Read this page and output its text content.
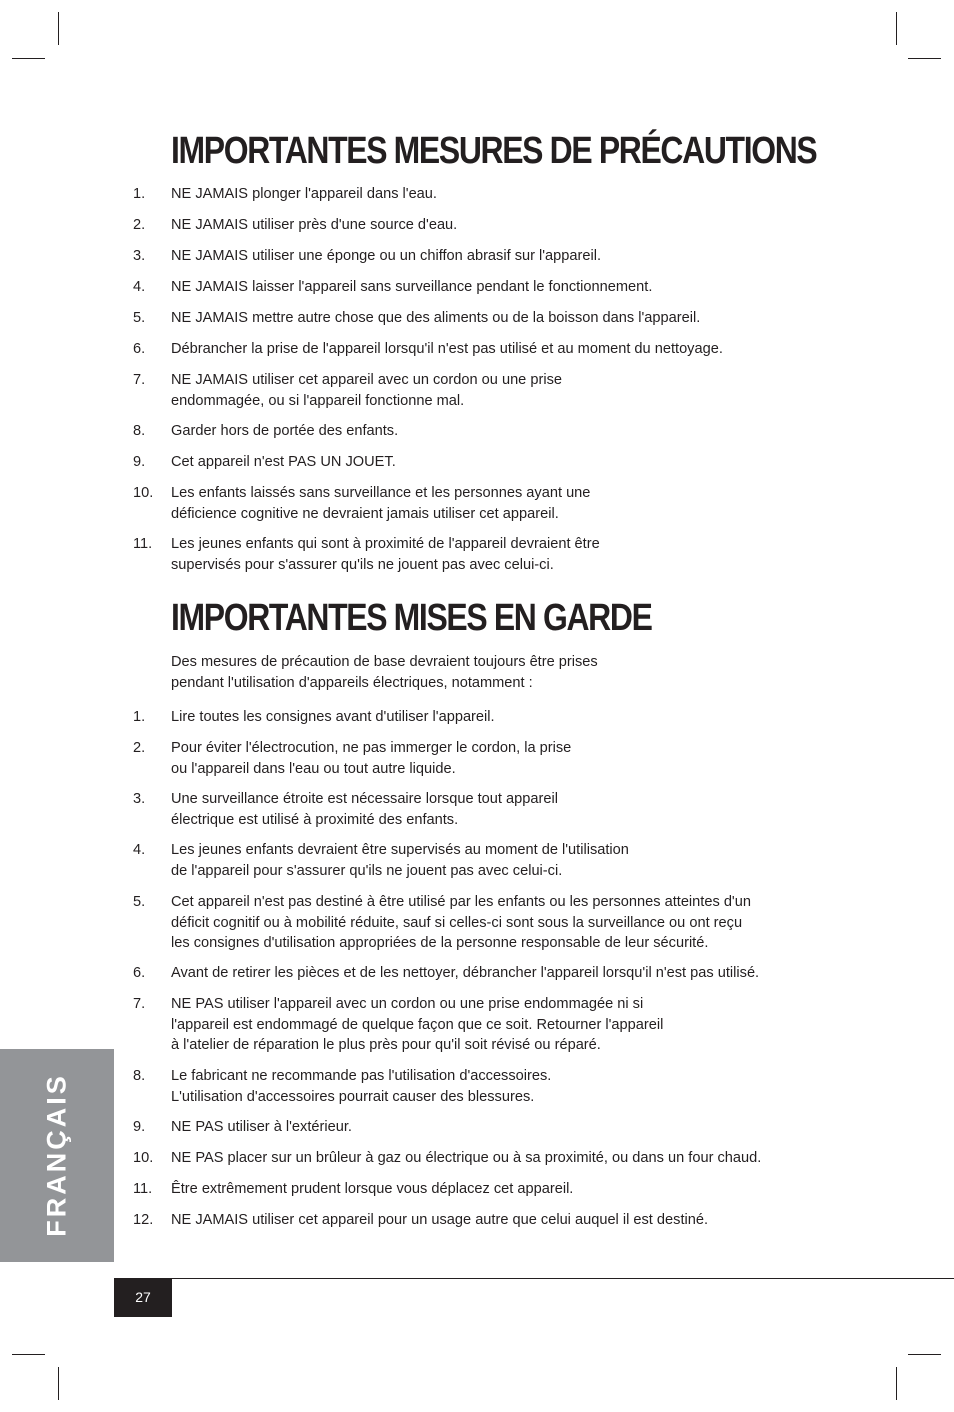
IMPORTANTES MESURES DE PRÉCAUTIONS
1. NE JAMAIS plonger l'appareil dans l'eau.
2. NE JAMAIS utiliser près d'une source d'eau.
3. NE JAMAIS utiliser une éponge ou un chiffon abrasif sur l'appareil.
4. NE JAMAIS laisser l'appareil sans surveillance pendant le fonctionnement.
5. NE JAMAIS mettre autre chose que des aliments ou de la boisson dans l'appareil.
6. Débrancher la prise de l'appareil lorsqu'il n'est pas utilisé et au moment du nettoyage.
7. NE JAMAIS utiliser cet appareil avec un cordon ou une prise
endommagée, ou si l'appareil fonctionne mal.
8. Garder hors de portée des enfants.
9. Cet appareil n'est PAS UN JOUET.
10. Les enfants laissés sans surveillance et les personnes ayant une
déficience cognitive ne devraient jamais utiliser cet appareil.
11. Les jeunes enfants qui sont à proximité de l'appareil devraient être
supervisés pour s'assurer qu'ils ne jouent pas avec celui-ci.
IMPORTANTES MISES EN GARDE

Des mesures de précaution de base devraient toujours être prises
pendant l'utilisation d'appareils électriques, notamment :

1. Lire toutes les consignes avant d'utiliser l'appareil.
2. Pour éviter l'électrocution, ne pas immerger le cordon, la prise
ou l'appareil dans l'eau ou tout autre liquide.
3. Une surveillance étroite est nécessaire lorsque tout appareil
électrique est utilisé à proximité des enfants.
4. Les jeunes enfants devraient être supervisés au moment de l'utilisation
de l'appareil pour s'assurer qu'ils ne jouent pas avec celui-ci.
5. Cet appareil n'est pas destiné à être utilisé par les enfants ou les personnes atteintes d'un
déficit cognitif ou à mobilité réduite, sauf si celles-ci sont sous la surveillance ou ont reçu
les consignes d'utilisation appropriées de la personne responsable de leur sécurité.
6. Avant de retirer les pièces et de les nettoyer, débrancher l'appareil lorsqu'il n'est pas utilisé.
7. NE PAS utiliser l'appareil avec un cordon ou une prise endommagée ni si
l'appareil est endommagé de quelque façon que ce soit. Retourner l'appareil
à l'atelier de réparation le plus près pour qu'il soit révisé ou réparé.
8. Le fabricant ne recommande pas l'utilisation d'accessoires.
L'utilisation d'accessoires pourrait causer des blessures.
9. NE PAS utiliser à l'extérieur.
10. NE PAS placer sur un brûleur à gaz ou électrique ou à sa proximité, ou dans un four chaud.
11. Être extrêmement prudent lorsque vous déplacez cet appareil.
12. NE JAMAIS utiliser cet appareil pour un usage autre que celui auquel il est destiné.
FRANÇAIS
27
